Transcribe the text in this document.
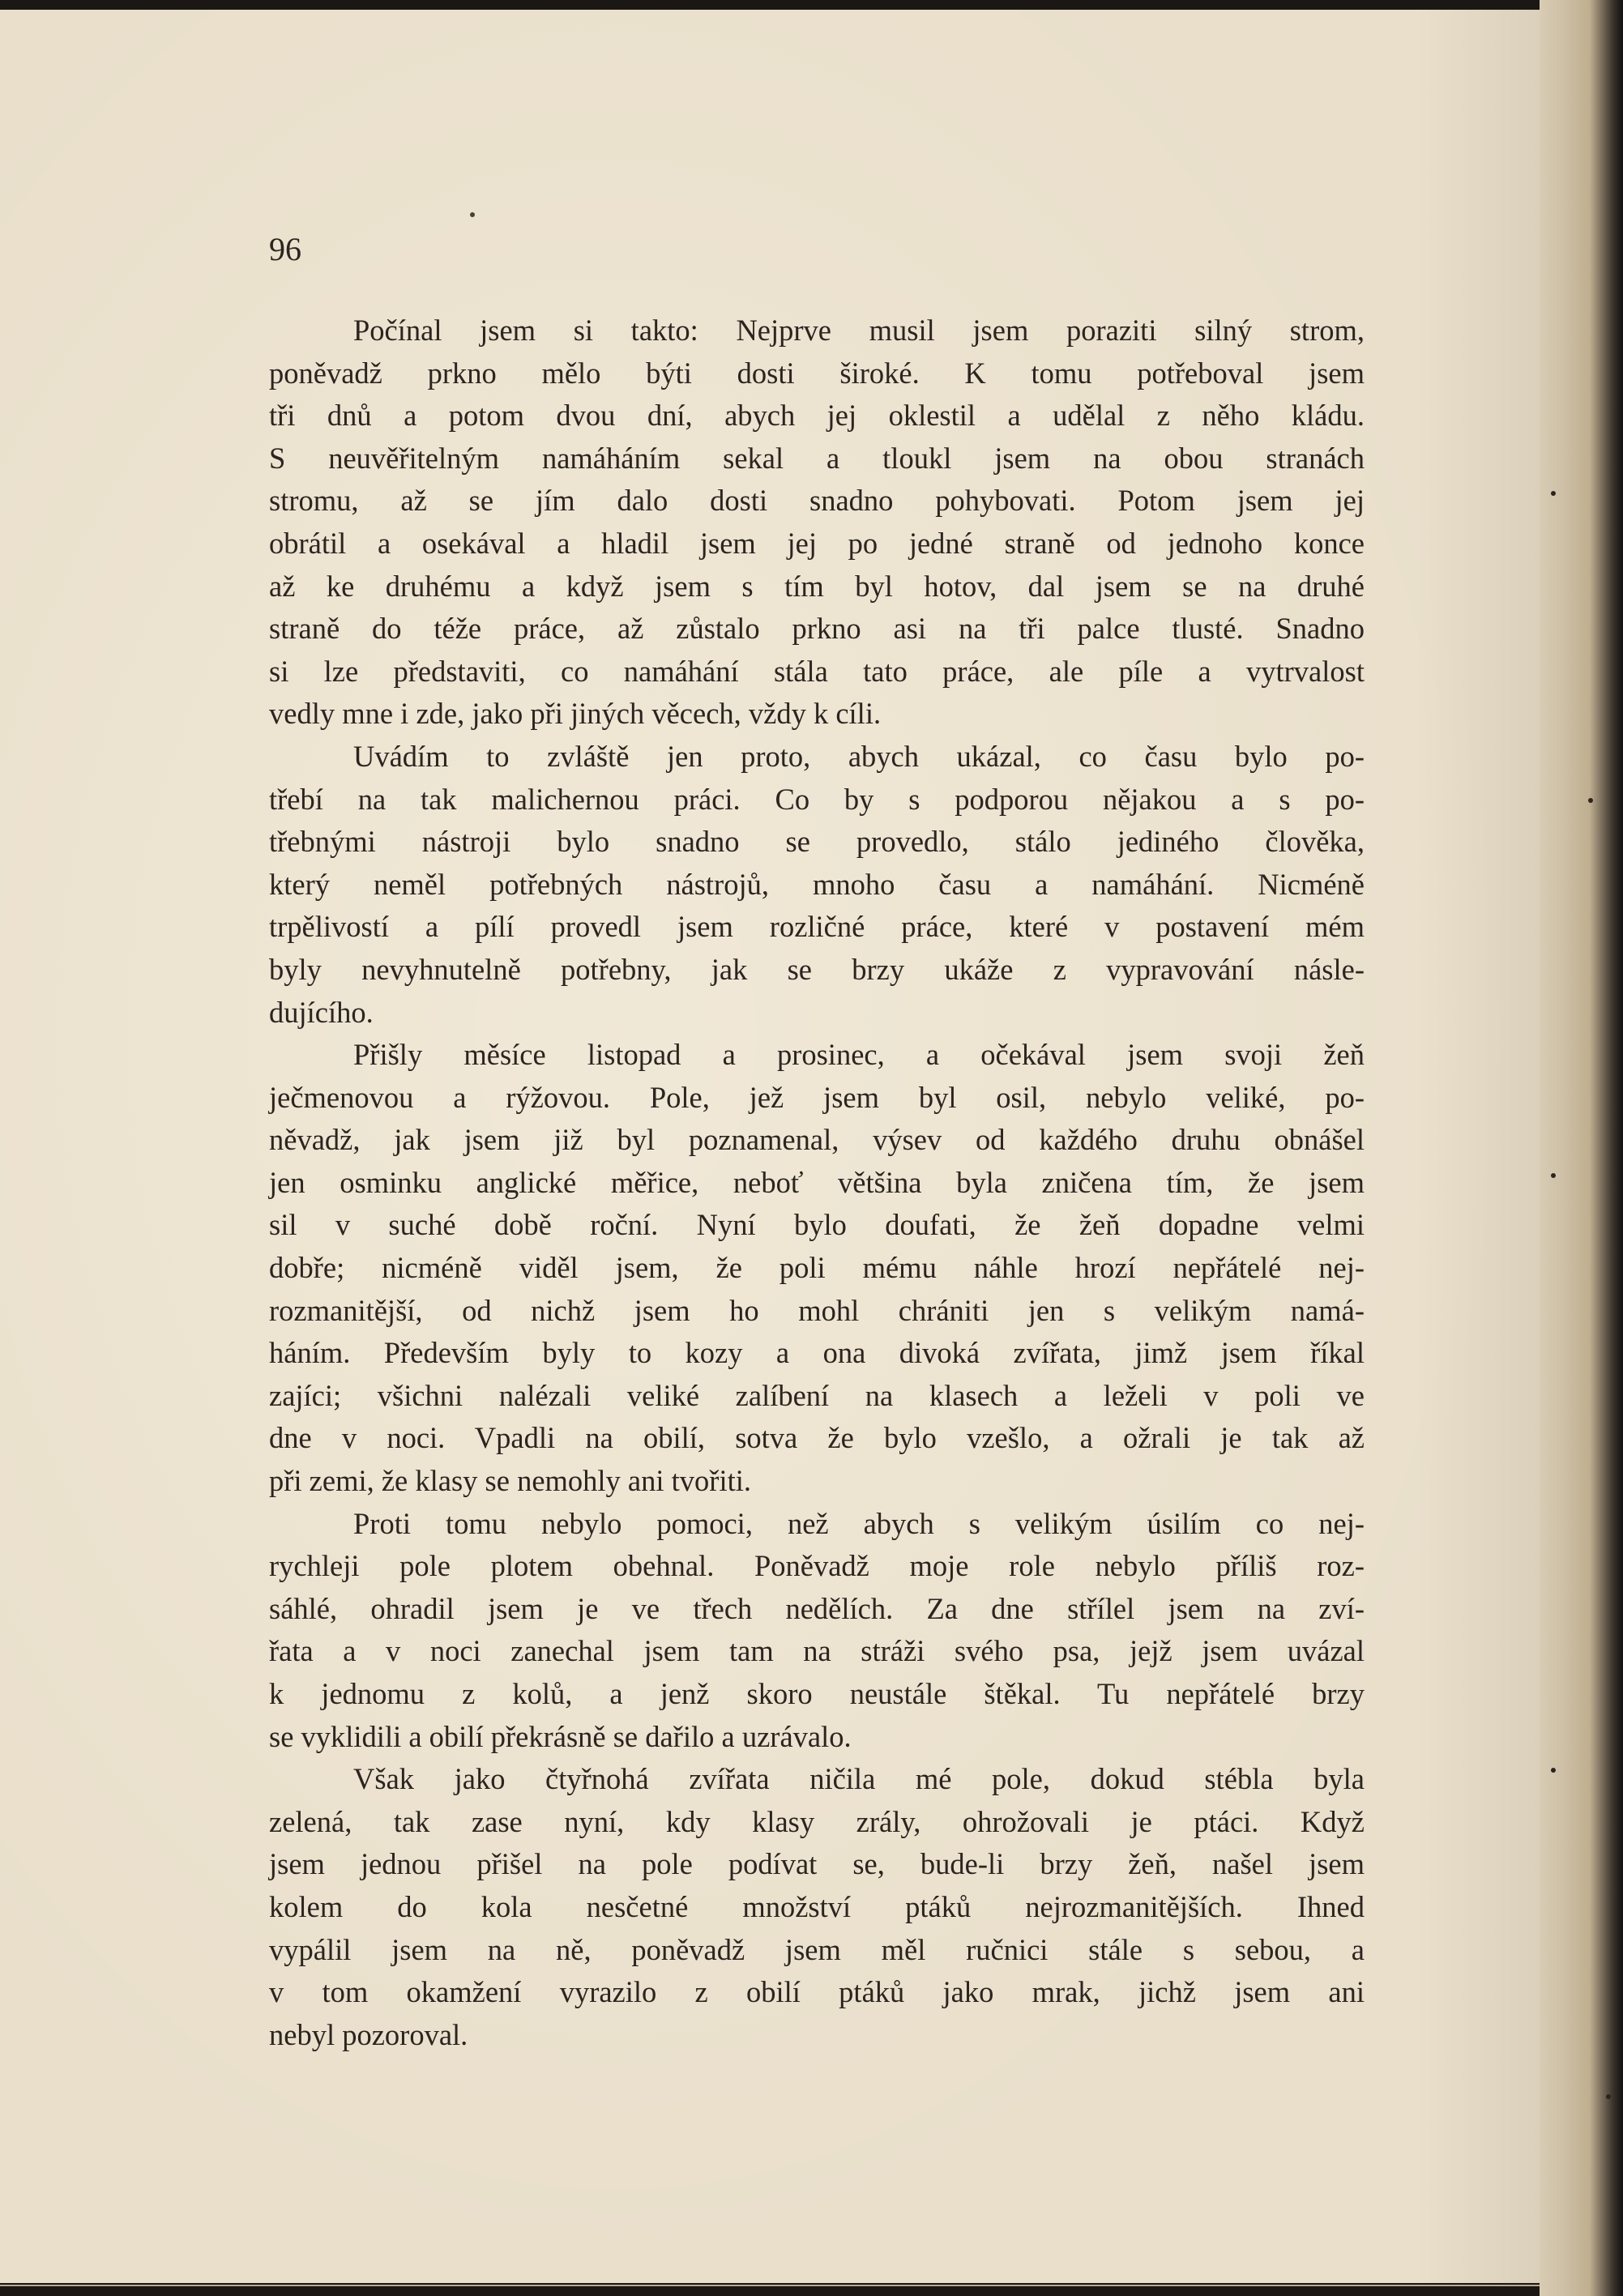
96

Počínal jsem si takto: Nejprve musil jsem poraziti silný strom,
poněvadž prkno mělo býti dosti široké. K tomu potřeboval jsem
tři dnů a potom dvou dní, abych jej oklestil a udělal z něho kládu.
S neuvěřitelným namáháním sekal a tloukl jsem na obou stranách
stromu, až se jím dalo dosti snadno pohybovati. Potom jsem jej
obrátil a osekával a hladil jsem jej po jedné straně od jednoho konce
až ke druhému a když jsem s tím byl hotov, dal jsem se na druhé
straně do téže práce, až zůstalo prkno asi na tři palce tlusté. Snadno
si lze představiti, co namáhání stála tato práce, ale píle a vytrvalost
vedly mne i zde, jako při jiných věcech, vždy k cíli.
Uvádím to zvláště jen proto, abych ukázal, co času bylo po-
třebí na tak malichernou práci. Co by s podporou nějakou a s po-
třebnými nástroji bylo snadno se provedlo, stálo jediného člověka,
který neměl potřebných nástrojů, mnoho času a namáhání. Nicméně
trpělivostí a pílí provedl jsem rozličné práce, které v postavení mém
byly nevyhnutelně potřebny, jak se brzy ukáže z vypravování násle-
dujícího.
Přišly měsíce listopad a prosinec, a očekával jsem svoji žeň
ječmenovou a rýžovou. Pole, jež jsem byl osil, nebylo veliké, po-
něvadž, jak jsem již byl poznamenal, výsev od každého druhu obnášel
jen osminku anglické měřice, neboť většina byla zničena tím, že jsem
sil v suché době roční. Nyní bylo doufati, že žeň dopadne velmi
dobře; nicméně viděl jsem, že poli mému náhle hrozí nepřátelé nej-
rozmanitější, od nichž jsem ho mohl chrániti jen s velikým namá-
háním. Především byly to kozy a ona divoká zvířata, jimž jsem říkal
zajíci; všichni nalézali veliké zalíbení na klasech a leželi v poli ve
dne v noci. Vpadli na obilí, sotva že bylo vzešlo, a ožrali je tak až
při zemi, že klasy se nemohly ani tvořiti.
Proti tomu nebylo pomoci, než abych s velikým úsilím co nej-
rychleji pole plotem obehnal. Poněvadž moje role nebylo příliš roz-
sáhlé, ohradil jsem je ve třech nedělích. Za dne střílel jsem na zví-
řata a v noci zanechal jsem tam na stráži svého psa, jejž jsem uvázal
k jednomu z kolů, a jenž skoro neustále štěkal. Tu nepřátelé brzy
se vyklidili a obilí překrásně se dařilo a uzrávalo.
Však jako čtyřnohá zvířata ničila mé pole, dokud stébla byla
zelená, tak zase nyní, kdy klasy zrály, ohrožovali je ptáci. Když
jsem jednou přišel na pole podívat se, bude-li brzy žeň, našel jsem
kolem do kola nesčetné množství ptáků nejrozmanitějších. Ihned
vypálil jsem na ně, poněvadž jsem měl ručnici stále s sebou, a
v tom okamžení vyrazilo z obilí ptáků jako mrak, jichž jsem ani
nebyl pozoroval.
